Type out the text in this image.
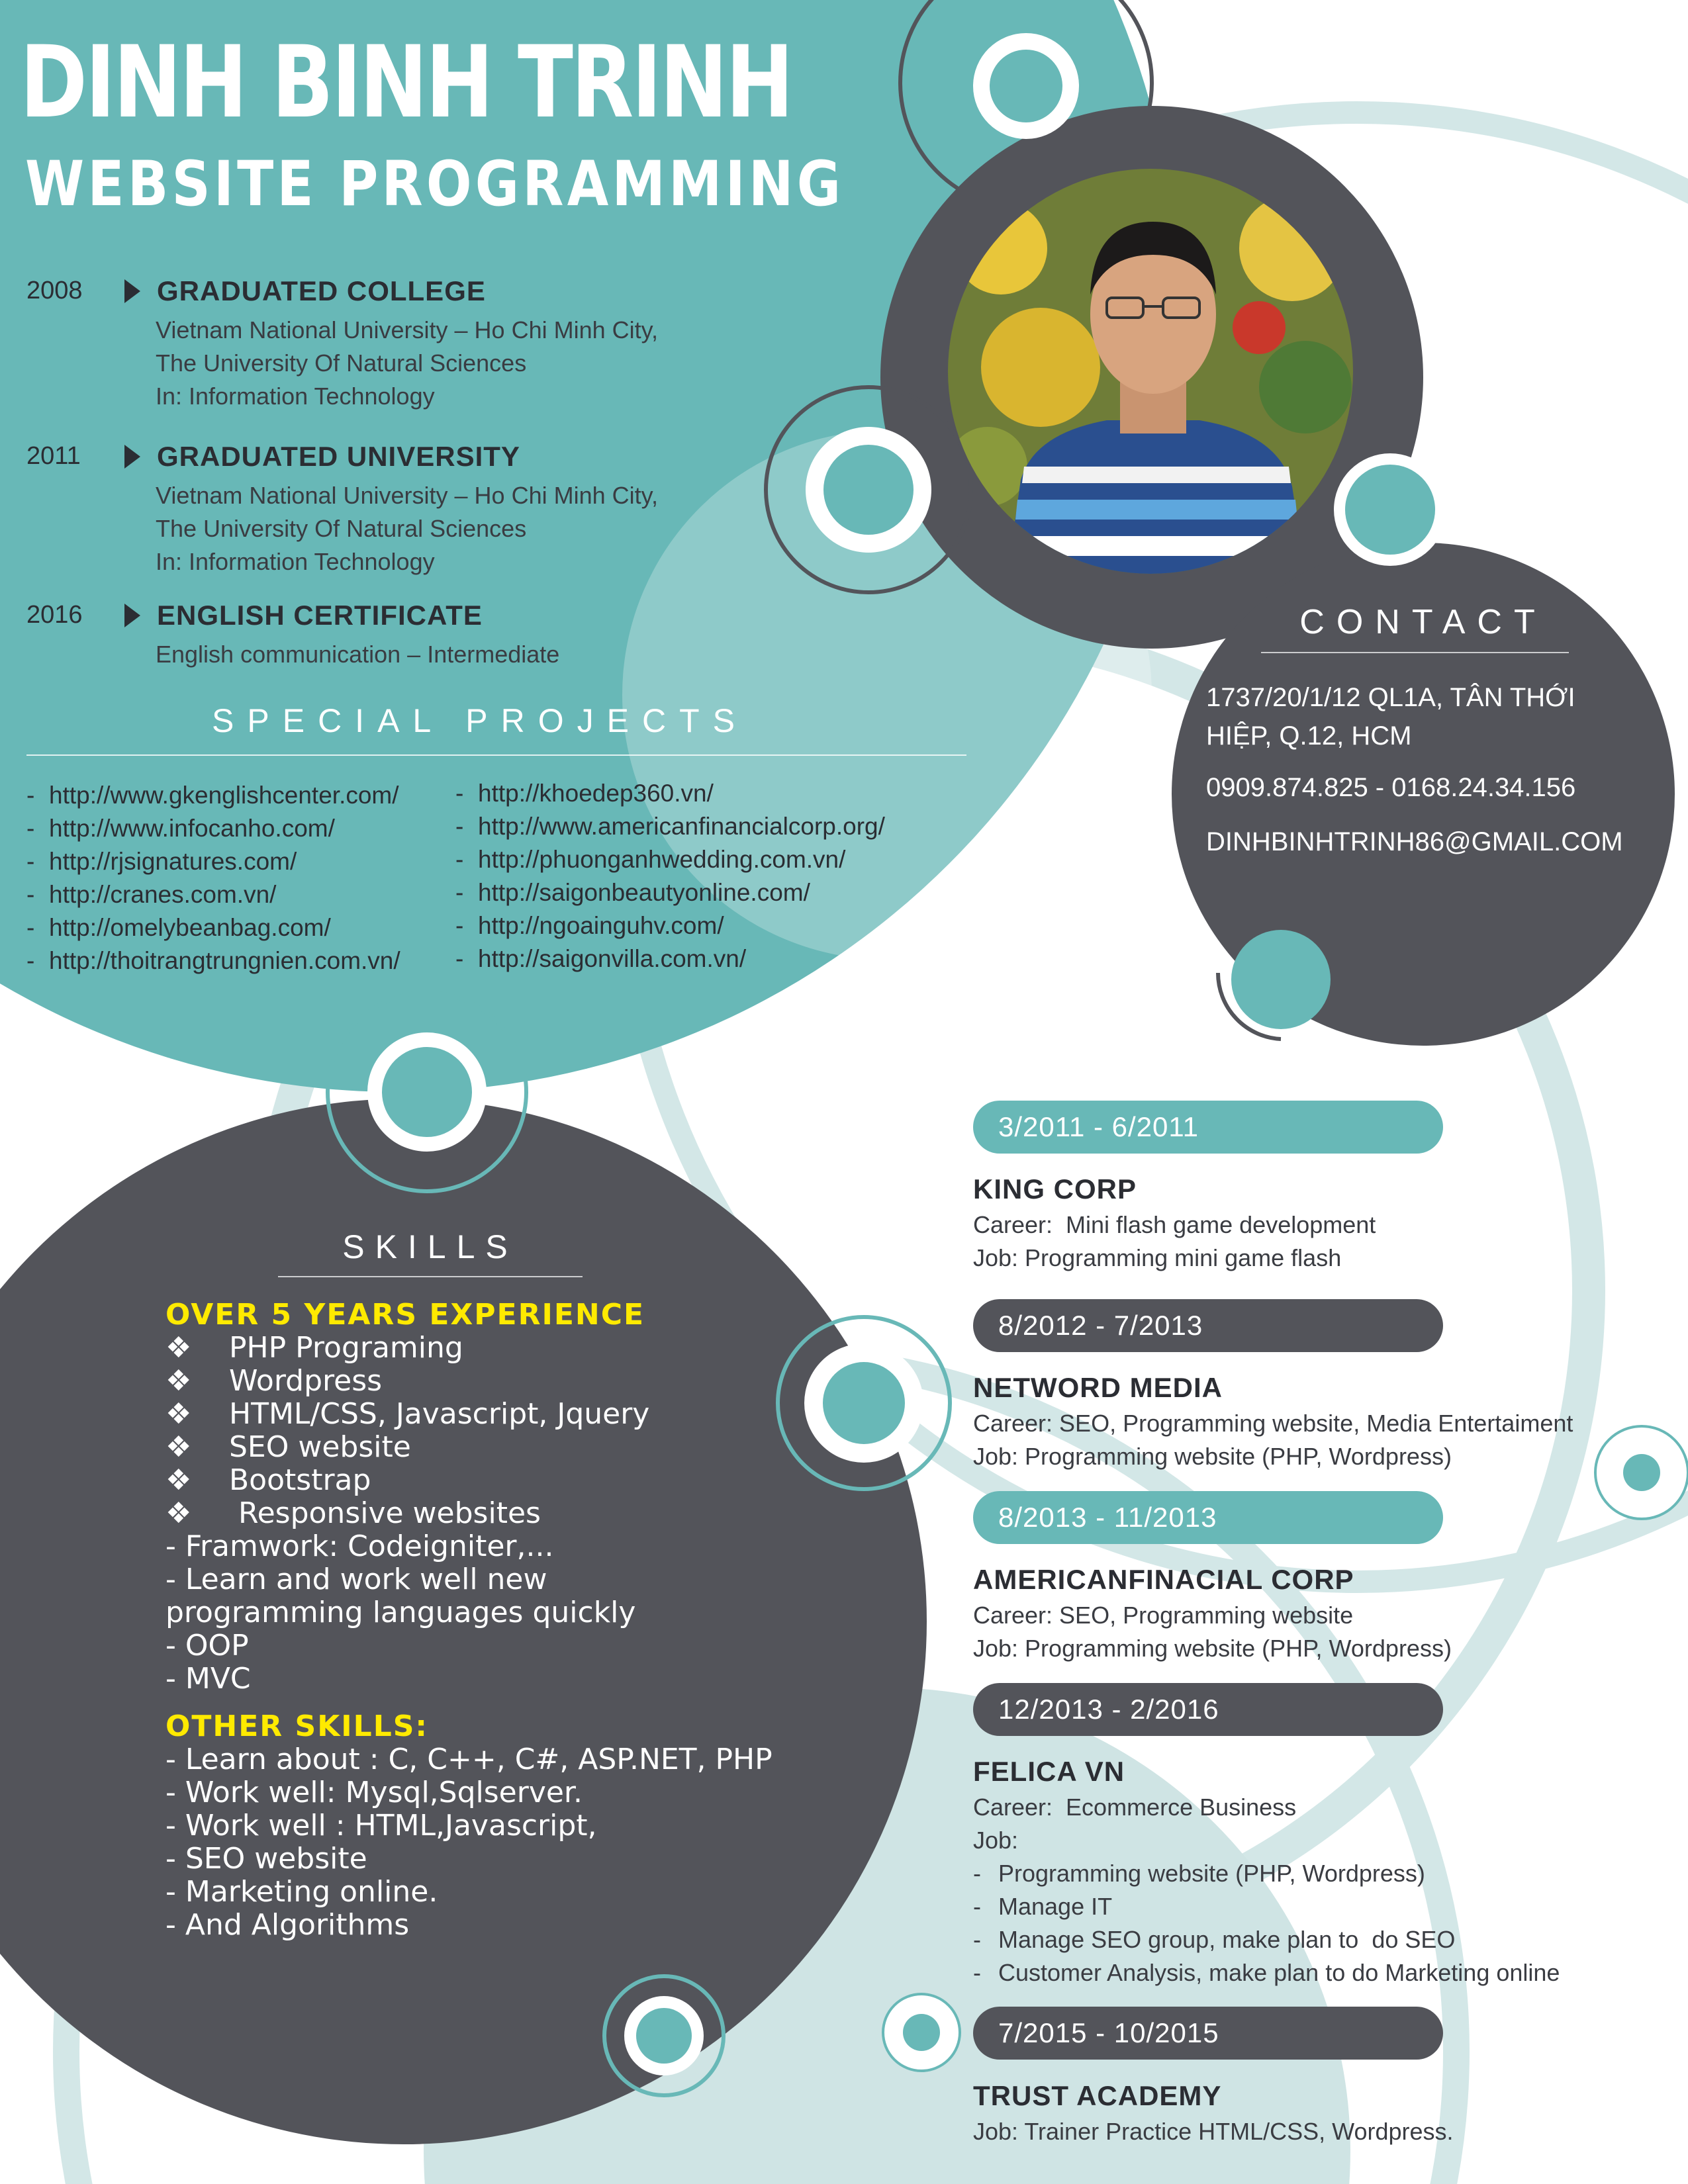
DINH BINH TRINH
WEBSITE PROGRAMMING
2008	GRADUATED COLLEGE
Vietnam National University – Ho Chi Minh City,
The University Of Natural Sciences
In: Information Technology
2011	GRADUATED UNIVERSITY
Vietnam National University – Ho Chi Minh City,
The University Of Natural Sciences
In: Information Technology
2016	ENGLISH CERTIFICATE
English communication – Intermediate
SPECIAL PROJECTS
- http://www.gkenglishcenter.com/
- http://www.infocanho.com/
- http://rjsignatures.com/
- http://cranes.com.vn/
- http://omelybeanbag.com/
- http://thoitrangtrungnien.com.vn/
- http://khoedep360.vn/
- http://www.americanfinancialcorp.org/
- http://phuonganhwedding.com.vn/
- http://saigonbeautyonline.com/
- http://ngoainguhv.com/
- http://saigonvilla.com.vn/
CONTACT
1737/20/1/12 QL1A, TÂN THỚI
HIỆP, Q.12, HCM
0909.874.825 - 0168.24.34.156
DINHBINHTRINH86@GMAIL.COM
SKILLS
OVER 5 YEARS EXPERIENCE
❖ PHP Programing
❖ Wordpress
❖ HTML/CSS, Javascript, Jquery
❖ SEO website
❖ Bootstrap
❖ Responsive websites
- Framwork: Codeigniter,...
- Learn and work well new programming languages quickly
- OOP
- MVC
OTHER SKILLS:
- Learn about : C, C++, C#, ASP.NET, PHP
- Work well: Mysql,Sqlserver.
- Work well : HTML,Javascript,
- SEO website
- Marketing online.
- And Algorithms
3/2011 - 6/2011
KING CORP
Career:  Mini flash game development
Job: Programming mini game flash
8/2012 - 7/2013
NETWORD MEDIA
Career: SEO, Programming website, Media Entertaiment
Job: Programming website (PHP, Wordpress)
8/2013 - 11/2013
AMERICANFINACIAL CORP
Career: SEO, Programming website
Job: Programming website (PHP, Wordpress)
12/2013 - 2/2016
FELICA VN
Career:  Ecommerce Business
Job:
- Programming website (PHP, Wordpress)
- Manage IT
- Manage SEO group, make plan to  do SEO
- Customer Analysis, make plan to do Marketing online
7/2015 - 10/2015
TRUST ACADEMY
Job: Trainer Practice HTML/CSS, Wordpress.
